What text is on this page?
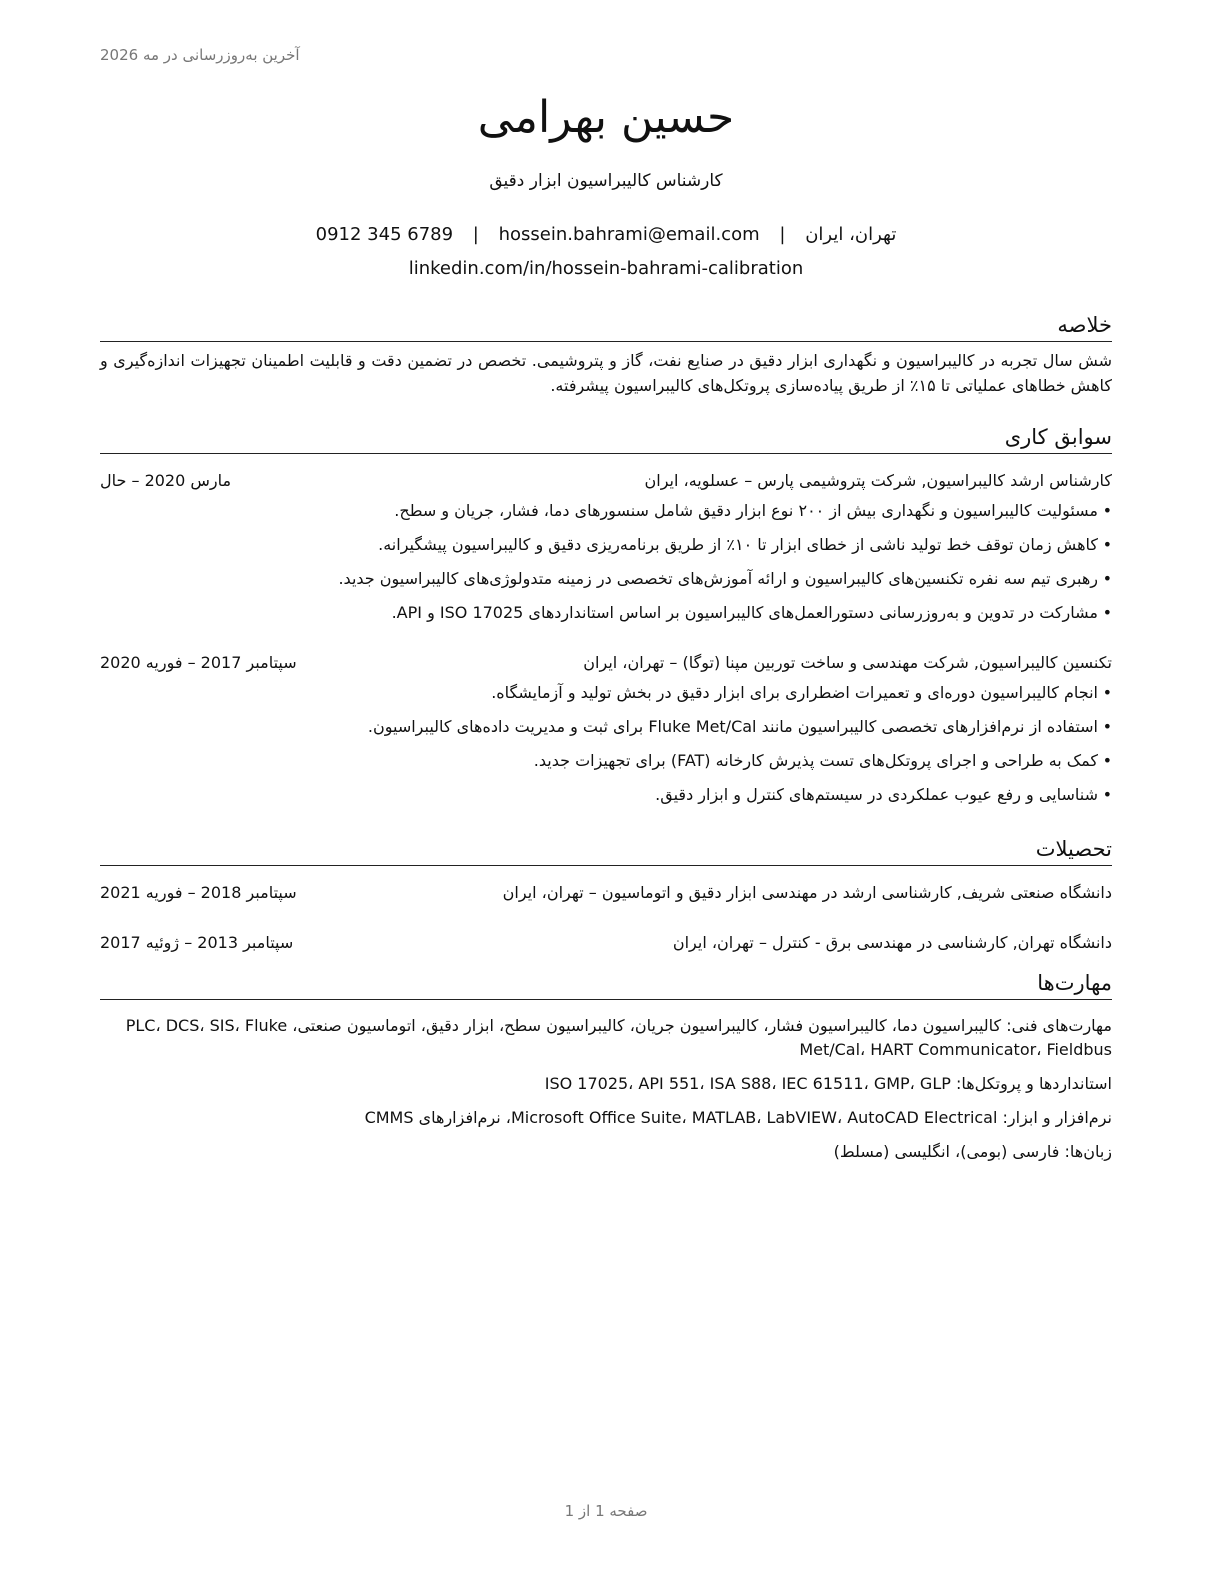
آخرین به‌روزرسانی در مه 2026
حسین بهرامی
کارشناس کالیبراسیون ابزار دقیق
تهران، ایران | hossein.bahrami@email.com | 0912 345 6789
linkedin.com/in/hossein-bahrami-calibration
خلاصه
شش سال تجربه در کالیبراسیون و نگهداری ابزار دقیق در صنایع نفت، گاز و پتروشیمی. تخصص در تضمین دقت و قابلیت اطمینان تجهیزات اندازه‌گیری و کاهش خطاهای عملیاتی تا ۱۵٪ از طریق پیاده‌سازی پروتکل‌های کالیبراسیون پیشرفته.
سوابق کاری
کارشناس ارشد کالیبراسیون, شرکت پتروشیمی پارس – عسلویه، ایران
مارس 2020 – حال
• مسئولیت کالیبراسیون و نگهداری بیش از ۲۰۰ نوع ابزار دقیق شامل سنسورهای دما، فشار، جریان و سطح.
• کاهش زمان توقف خط تولید ناشی از خطای ابزار تا ۱۰٪ از طریق برنامه‌ریزی دقیق و کالیبراسیون پیشگیرانه.
• رهبری تیم سه نفره تکنسین‌های کالیبراسیون و ارائه آموزش‌های تخصصی در زمینه متدولوژی‌های کالیبراسیون جدید.
• مشارکت در تدوین و به‌روزرسانی دستورالعمل‌های کالیبراسیون بر اساس استانداردهای ISO 17025 و API.
تکنسین کالیبراسیون, شرکت مهندسی و ساخت توربین مپنا (توگا) – تهران، ایران
سپتامبر 2017 – فوریه 2020
• انجام کالیبراسیون دوره‌ای و تعمیرات اضطراری برای ابزار دقیق در بخش تولید و آزمایشگاه.
• استفاده از نرم‌افزارهای تخصصی کالیبراسیون مانند Fluke Met/Cal برای ثبت و مدیریت داده‌های کالیبراسیون.
• کمک به طراحی و اجرای پروتکل‌های تست پذیرش کارخانه (FAT) برای تجهیزات جدید.
• شناسایی و رفع عیوب عملکردی در سیستم‌های کنترل و ابزار دقیق.
تحصیلات
دانشگاه صنعتی شریف, کارشناسی ارشد در مهندسی ابزار دقیق و اتوماسیون – تهران، ایران
سپتامبر 2018 – فوریه 2021
دانشگاه تهران, کارشناسی در مهندسی برق - کنترل – تهران، ایران
سپتامبر 2013 – ژوئیه 2017
مهارت‌ها

مهارت‌های فنی: کالیبراسیون دما، کالیبراسیون فشار، کالیبراسیون جریان، کالیبراسیون سطح، ابزار دقیق، اتوماسیون صنعتی، PLC، DCS، SIS، Fluke Met/Cal، HART Communicator، Fieldbus

استانداردها و پروتکل‌ها: ISO 17025، API 551، ISA S88، IEC 61511، GMP، GLP

نرم‌افزار و ابزار: Microsoft Office Suite، MATLAB، LabVIEW، AutoCAD Electrical، نرم‌افزارهای CMMS

زبان‌ها: فارسی (بومی)، انگلیسی (مسلط)

صفحه 1 از 1
